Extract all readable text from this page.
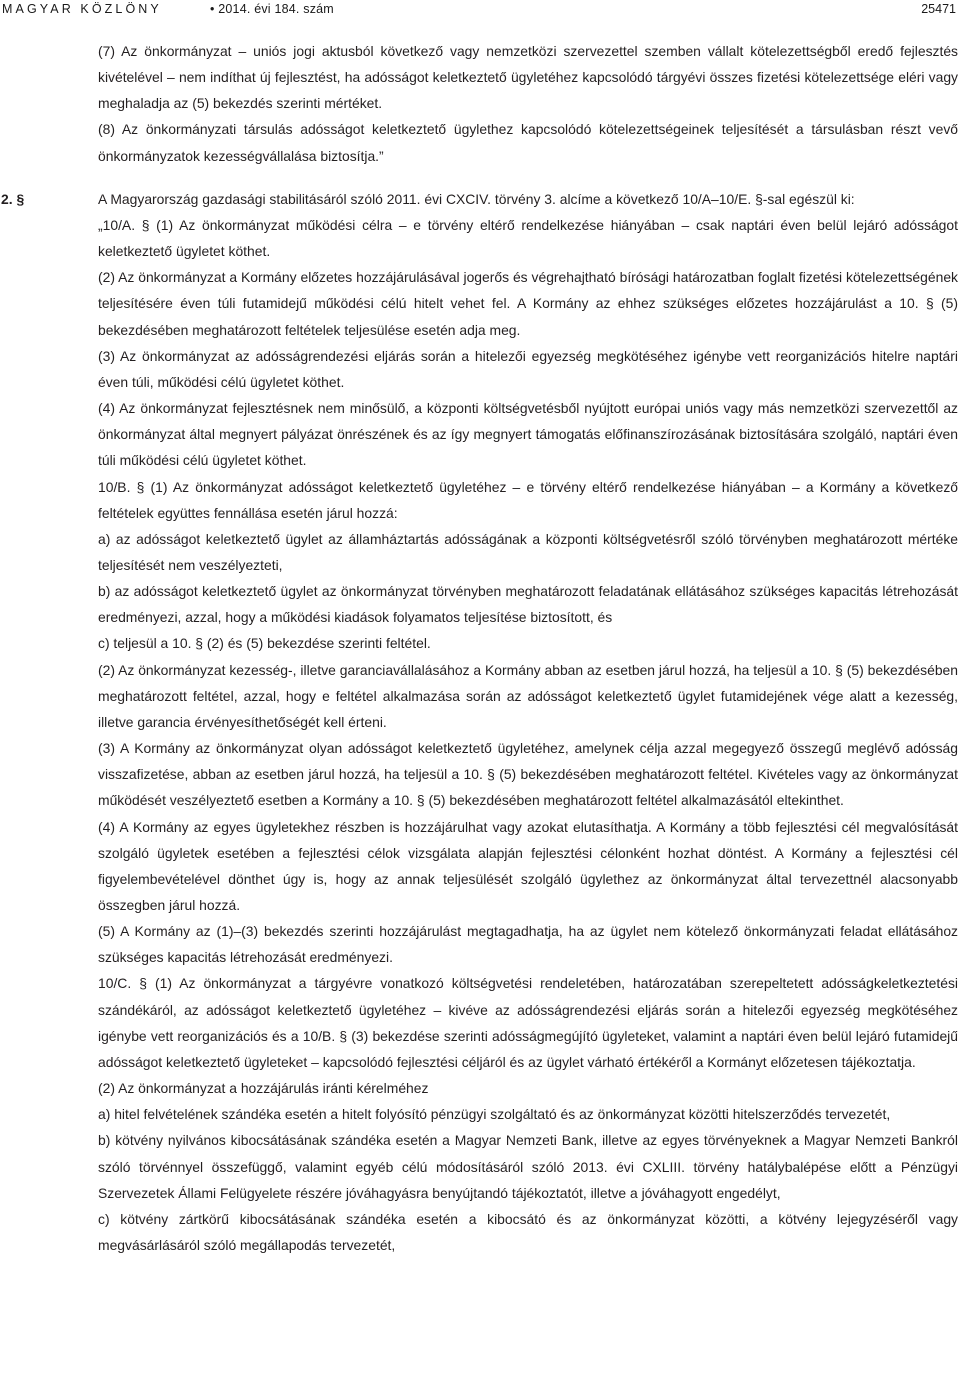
MAGYAR KÖZLÖNY	• 2014. évi 184. szám	25471

(7) Az önkormányzat – uniós jogi aktusból következő vagy nemzetközi szervezettel szemben vállalt kötelezettségből eredő fejlesztés kivételével – nem indíthat új fejlesztést, ha adósságot keletkeztető ügyletéhez kapcsolódó tárgyévi összes fizetési kötelezettsége eléri vagy meghaladja az (5) bekezdés szerinti mértéket.

(8) Az önkormányzati társulás adósságot keletkeztető ügylethez kapcsolódó kötelezettségeinek teljesítését a társulásban részt vevő önkormányzatok kezességvállalása biztosítja.”

2. §	A Magyarország gazdasági stabilitásáról szóló 2011. évi CXCIV. törvény 3. alcíme a következő 10/A–10/E. §-sal egészül ki:

„10/A. § (1) Az önkormányzat működési célra – e törvény eltérő rendelkezése hiányában – csak naptári éven belül lejáró adósságot keletkeztető ügyletet köthet.

(2) Az önkormányzat a Kormány előzetes hozzájárulásával jogerős és végrehajtható bírósági határozatban foglalt fizetési kötelezettségének teljesítésére éven túli futamidejű működési célú hitelt vehet fel. A Kormány az ehhez szükséges előzetes hozzájárulást a 10. § (5) bekezdésében meghatározott feltételek teljesülése esetén adja meg.

(3) Az önkormányzat az adósságrendezési eljárás során a hitelezői egyezség megkötéséhez igénybe vett reorganizációs hitelre naptári éven túli, működési célú ügyletet köthet.

(4) Az önkormányzat fejlesztésnek nem minősülő, a központi költségvetésből nyújtott európai uniós vagy más nemzetközi szervezettől az önkormányzat által megnyert pályázat önrészének és az így megnyert támogatás előfinanszírozásának biztosítására szolgáló, naptári éven túli működési célú ügyletet köthet.

10/B. § (1) Az önkormányzat adósságot keletkeztető ügyletéhez – e törvény eltérő rendelkezése hiányában – a Kormány a következő feltételek együttes fennállása esetén járul hozzá:

a) az adósságot keletkeztető ügylet az államháztartás adósságának a központi költségvetésről szóló törvényben meghatározott mértéke teljesítését nem veszélyezteti,

b) az adósságot keletkeztető ügylet az önkormányzat törvényben meghatározott feladatának ellátásához szükséges kapacitás létrehozását eredményezi, azzal, hogy a működési kiadások folyamatos teljesítése biztosított, és

c) teljesül a 10. § (2) és (5) bekezdése szerinti feltétel.

(2) Az önkormányzat kezesség-, illetve garanciavállalásához a Kormány abban az esetben járul hozzá, ha teljesül a 10. § (5) bekezdésében meghatározott feltétel, azzal, hogy e feltétel alkalmazása során az adósságot keletkeztető ügylet futamidejének vége alatt a kezesség, illetve garancia érvényesíthetőségét kell érteni.

(3) A Kormány az önkormányzat olyan adósságot keletkeztető ügyletéhez, amelynek célja azzal megegyező összegű meglévő adósság visszafizetése, abban az esetben járul hozzá, ha teljesül a 10. § (5) bekezdésében meghatározott feltétel. Kivételes vagy az önkormányzat működését veszélyeztető esetben a Kormány a 10. § (5) bekezdésében meghatározott feltétel alkalmazásától eltekinthet.

(4) A Kormány az egyes ügyletekhez részben is hozzájárulhat vagy azokat elutasíthatja. A Kormány a több fejlesztési cél megvalósítását szolgáló ügyletek esetében a fejlesztési célok vizsgálata alapján fejlesztési célonként hozhat döntést. A Kormány a fejlesztési cél figyelembevételével dönthet úgy is, hogy az annak teljesülését szolgáló ügylethez az önkormányzat által tervezettnél alacsonyabb összegben járul hozzá.

(5) A Kormány az (1)–(3) bekezdés szerinti hozzájárulást megtagadhatja, ha az ügylet nem kötelező önkormányzati feladat ellátásához szükséges kapacitás létrehozását eredményezi.

10/C. § (1) Az önkormányzat a tárgyévre vonatkozó költségvetési rendeletében, határozatában szerepeltetett adósságkeletkeztetési szándékáról, az adósságot keletkeztető ügyletéhez – kivéve az adósságrendezési eljárás során a hitelezői egyezség megkötéséhez igénybe vett reorganizációs és a 10/B. § (3) bekezdése szerinti adósságmegújító ügyleteket, valamint a naptári éven belül lejáró futamidejű adósságot keletkeztető ügyleteket – kapcsolódó fejlesztési céljáról és az ügylet várható értékéről a Kormányt előzetesen tájékoztatja.

(2) Az önkormányzat a hozzájárulás iránti kérelméhez

a) hitel felvételének szándéka esetén a hitelt folyósító pénzügyi szolgáltató és az önkormányzat közötti hitelszerződés tervezetét,

b) kötvény nyilvános kibocsátásának szándéka esetén a Magyar Nemzeti Bank, illetve az egyes törvényeknek a Magyar Nemzeti Bankról szóló törvénnyel összefüggő, valamint egyéb célú módosításáról szóló 2013. évi CXLIII. törvény hatálybalépése előtt a Pénzügyi Szervezetek Állami Felügyelete részére jóváhagyásra benyújtandó tájékoztatót, illetve a jóváhagyott engedélyt,

c) kötvény zártkörű kibocsátásának szándéka esetén a kibocsátó és az önkormányzat közötti, a kötvény lejegyzéséről vagy megvásárlásáról szóló megállapodás tervezetét,
